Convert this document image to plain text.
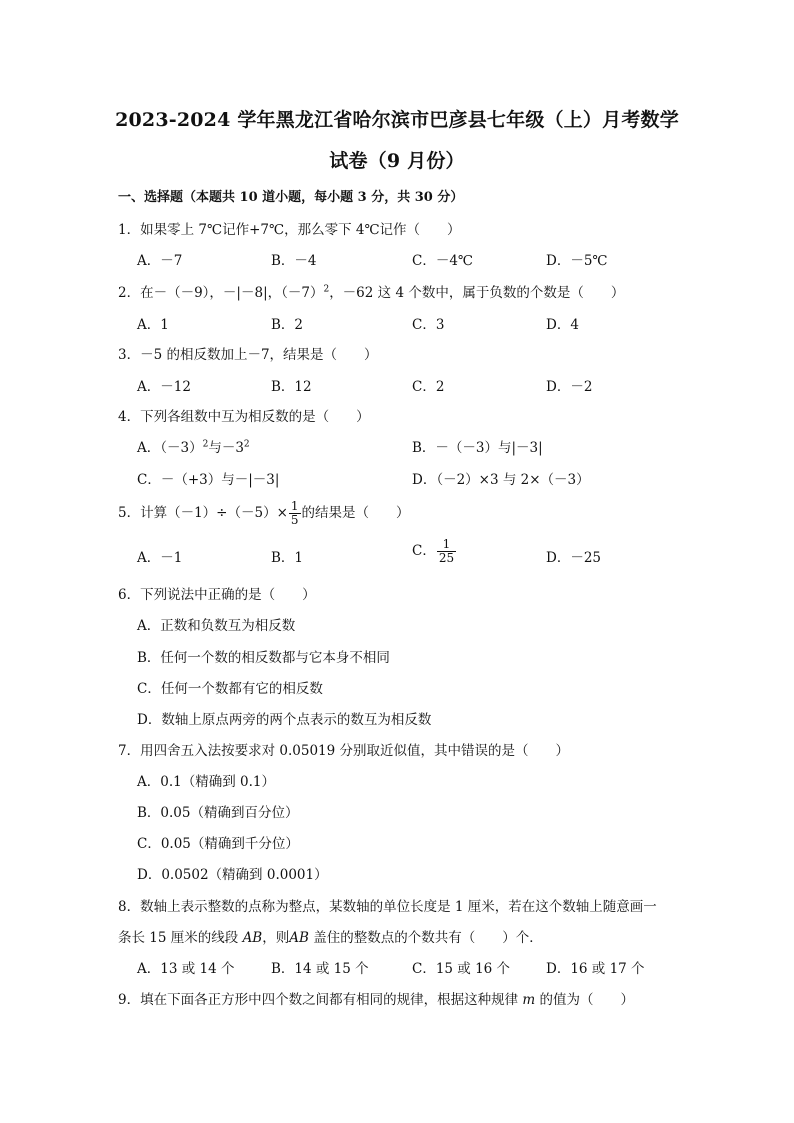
2023-2024 学年黑龙江省哈尔滨市巴彦县七年级（上）月考数学
试卷（9 月份）
一、选择题（本题共 10 道小题，每小题 3 分，共 30 分）
1．如果零上 7℃记作+7℃，那么零下 4℃记作（　　）
A．－7	B．－4	C．－4℃	D．－5℃
2．在－（－9），－|－8|，$(-7)^2$，－62 这 4 个数中，属于负数的个数是（　　）
A．1	B．2	C．3	D．4
3．－5 的相反数加上－7，结果是（　　）
A．－12	B．12	C．2	D．－2
4．下列各组数中互为相反数的是（　　）
A．$(-3)^2$与$-3^2$	B．－（－3）与|－3|
C．－（+3）与－|－3|	D．（－2）×3 与 2×（－3）
5．计算$(-1)\div(-5)\times \frac{1}{5}$ 的结果是（　　）
A．－1	B．1	C． $\frac{1}{25}$	D．－25
6．下列说法中正确的是（　　）
A．正数和负数互为相反数
B．任何一个数的相反数都与它本身不相同
C．任何一个数都有它的相反数
D．数轴上原点两旁的两个点表示的数互为相反数
7．用四舍五入法按要求对 0.05019 分别取近似值，其中错误的是（　　）
A．0.1（精确到 0.1）
B．0.05（精确到百分位）
C．0.05（精确到千分位）
D．0.0502（精确到 0.0001）
8．数轴上表示整数的点称为整点，某数轴的单位长度是 1 厘米，若在这个数轴上随意画一
条长 15 厘米的线段 AB，则AB 盖住的整数点的个数共有（　　）个．
A．13 或 14 个	B．14 或 15 个	C．15 或 16 个	D．16 或 17 个
9．填在下面各正方形中四个数之间都有相同的规律，根据这种规律 m 的值为（　　）
